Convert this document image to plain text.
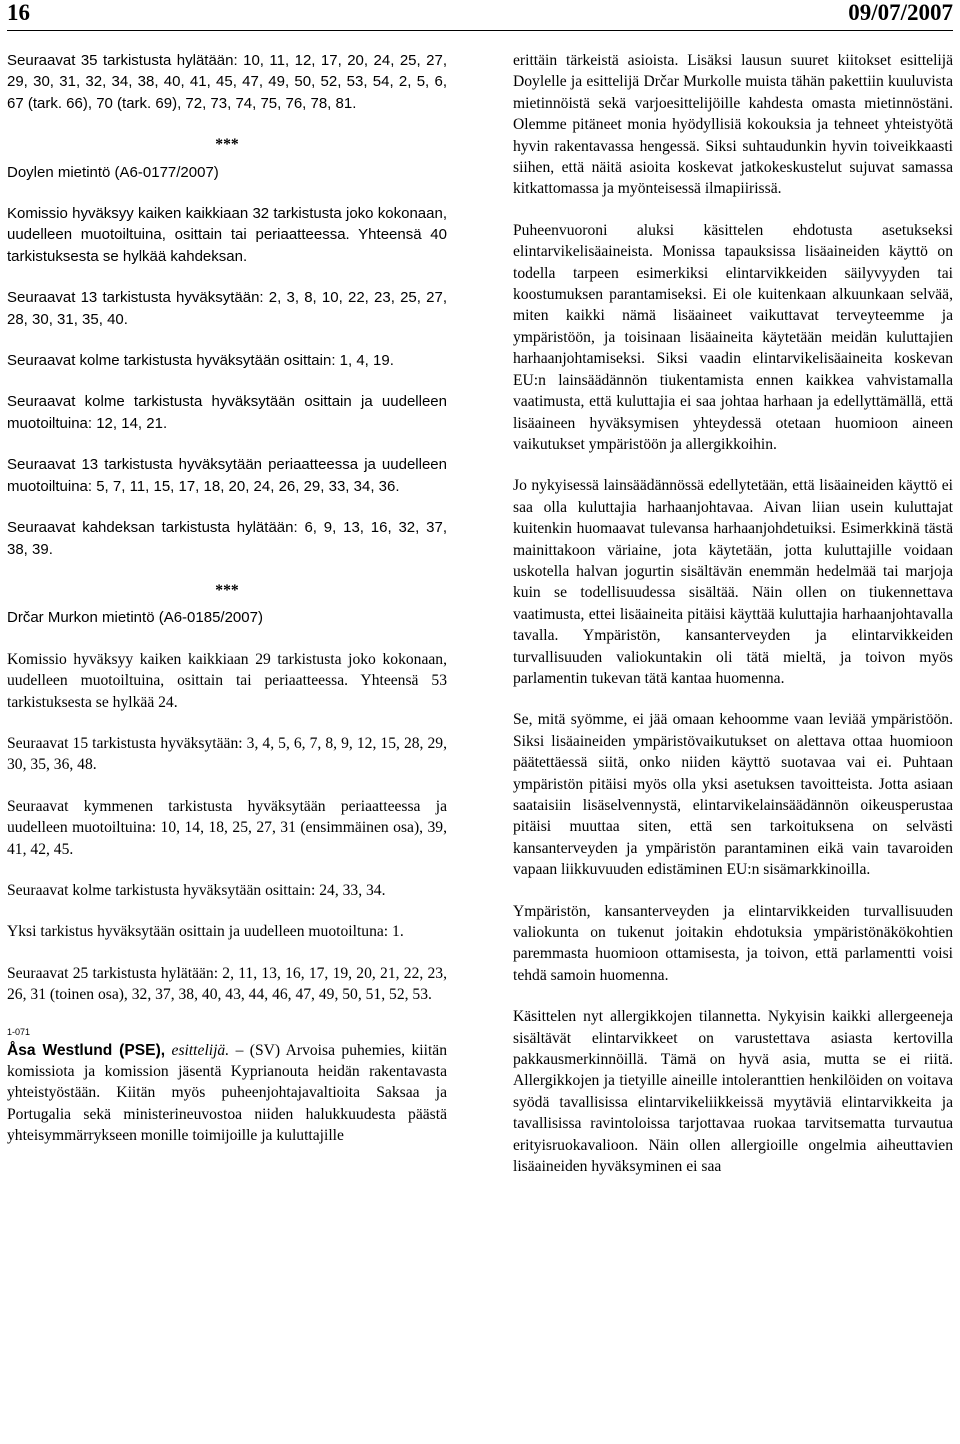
16	09/07/2007

Seuraavat 35 tarkistusta hylätään: 10, 11, 12, 17, 20, 24, 25, 27, 29, 30, 31, 32, 34, 38, 40, 41, 45, 47, 49, 50, 52, 53, 54, 2, 5, 6, 67 (tark. 66), 70 (tark. 69), 72, 73, 74, 75, 76, 78, 81.

***
Doylen mietintö (A6-0177/2007)

Komissio hyväksyy kaiken kaikkiaan 32 tarkistusta joko kokonaan, uudelleen muotoiltuina, osittain tai periaatteessa. Yhteensä 40 tarkistuksesta se hylkää kahdeksan.

Seuraavat 13 tarkistusta hyväksytään: 2, 3, 8, 10, 22, 23, 25, 27, 28, 30, 31, 35, 40.

Seuraavat kolme tarkistusta hyväksytään osittain: 1, 4, 19.

Seuraavat kolme tarkistusta hyväksytään osittain ja uudelleen muotoiltuina: 12, 14, 21.

Seuraavat 13 tarkistusta hyväksytään periaatteessa ja uudelleen muotoiltuina: 5, 7, 11, 15, 17, 18, 20, 24, 26, 29, 33, 34, 36.

Seuraavat kahdeksan tarkistusta hylätään: 6, 9, 13, 16, 32, 37, 38, 39.

***
Drčar Murkon mietintö (A6-0185/2007)

Komissio hyväksyy kaiken kaikkiaan 29 tarkistusta joko kokonaan, uudelleen muotoiltuina, osittain tai periaatteessa. Yhteensä 53 tarkistuksesta se hylkää 24.

Seuraavat 15 tarkistusta hyväksytään: 3, 4, 5, 6, 7, 8, 9, 12, 15, 28, 29, 30, 35, 36, 48.

Seuraavat kymmenen tarkistusta hyväksytään periaatteessa ja uudelleen muotoiltuina: 10, 14, 18, 25, 27, 31 (ensimmäinen osa), 39, 41, 42, 45.

Seuraavat kolme tarkistusta hyväksytään osittain: 24, 33, 34.

Yksi tarkistus hyväksytään osittain ja uudelleen muotoiltuna: 1.

Seuraavat 25 tarkistusta hylätään: 2, 11, 13, 16, 17, 19, 20, 21, 22, 23, 26, 31 (toinen osa), 32, 37, 38, 40, 43, 44, 46, 47, 49, 50, 51, 52, 53.

1-071

Åsa Westlund (PSE), esittelijä. – (SV) Arvoisa puhemies, kiitän komissiota ja komission jäsentä Kyprianouta heidän rakentavasta yhteistyöstään. Kiitän myös puheenjohtajavaltioita Saksaa ja Portugalia sekä ministerineuvostoa niiden halukkuudesta päästä yhteisymmärrykseen monille toimijoille ja kuluttajille

erittäin tärkeistä asioista. Lisäksi lausun suuret kiitokset esittelijä Doylelle ja esittelijä Drčar Murkolle muista tähän pakettiin kuuluvista mietinnöistä sekä varjoesittelijöille kahdesta omasta mietinnöstäni. Olemme pitäneet monia hyödyllisiä kokouksia ja tehneet yhteistyötä hyvin rakentavassa hengessä. Siksi suhtaudunkin hyvin toiveikkaasti siihen, että näitä asioita koskevat jatkokeskustelut sujuvat samassa kitkattomassa ja myönteisessä ilmapiirissä.

Puheenvuoroni aluksi käsittelen ehdotusta asetukseksi elintarvikelisäaineista. Monissa tapauksissa lisäaineiden käyttö on todella tarpeen esimerkiksi elintarvikkeiden säilyvyyden tai koostumuksen parantamiseksi. Ei ole kuitenkaan alkuunkaan selvää, miten kaikki nämä lisäaineet vaikuttavat terveyteemme ja ympäristöön, ja toisinaan lisäaineita käytetään meidän kuluttajien harhaanjohtamiseksi. Siksi vaadin elintarvikelisäaineita koskevan EU:n lainsäädännön tiukentamista ennen kaikkea vahvistamalla vaatimusta, että kuluttajia ei saa johtaa harhaan ja edellyttämällä, että lisäaineen hyväksymisen yhteydessä otetaan huomioon aineen vaikutukset ympäristöön ja allergikkoihin.

Jo nykyisessä lainsäädännössä edellytetään, että lisäaineiden käyttö ei saa olla kuluttajia harhaanjohtavaa. Aivan liian usein kuluttajat kuitenkin huomaavat tulevansa harhaanjohdetuiksi. Esimerkkinä tästä mainittakoon väriaine, jota käytetään, jotta kuluttajille voidaan uskotella halvan jogurtin sisältävän enemmän hedelmää tai marjoja kuin se todellisuudessa sisältää. Näin ollen on tiukennettava vaatimusta, ettei lisäaineita pitäisi käyttää kuluttajia harhaanjohtavalla tavalla. Ympäristön, kansanterveyden ja elintarvikkeiden turvallisuuden valiokuntakin oli tätä mieltä, ja toivon myös parlamentin tukevan tätä kantaa huomenna.

Se, mitä syömme, ei jää omaan kehoomme vaan leviää ympäristöön. Siksi lisäaineiden ympäristövaikutukset on alettava ottaa huomioon päätettäessä siitä, onko niiden käyttö suotavaa vai ei. Puhtaan ympäristön pitäisi myös olla yksi asetuksen tavoitteista. Jotta asiaan saataisiin lisäselvennystä, elintarvikelainsäädännön oikeusperustaa pitäisi muuttaa siten, että sen tarkoituksena on selvästi kansanterveyden ja ympäristön parantaminen eikä vain tavaroiden vapaan liikkuvuuden edistäminen EU:n sisämarkkinoilla.

Ympäristön, kansanterveyden ja elintarvikkeiden turvallisuuden valiokunta on tukenut joitakin ehdotuksia ympäristönäkökohtien paremmasta huomioon ottamisesta, ja toivon, että parlamentti voisi tehdä samoin huomenna.

Käsittelen nyt allergikkojen tilannetta. Nykyisin kaikki allergeeneja sisältävät elintarvikkeet on varustettava asiasta kertovilla pakkausmerkinnöillä. Tämä on hyvä asia, mutta se ei riitä. Allergikkojen ja tietyille aineille intoleranttien henkilöiden on voitava syödä tavallisissa elintarvikeliikkeissä myytäviä elintarvikkeita ja tavallisissa ravintoloissa tarjottavaa ruokaa tarvitsematta turvautua erityisruokavalioon. Näin ollen allergioille ongelmia aiheuttavien lisäaineiden hyväksyminen ei saa
